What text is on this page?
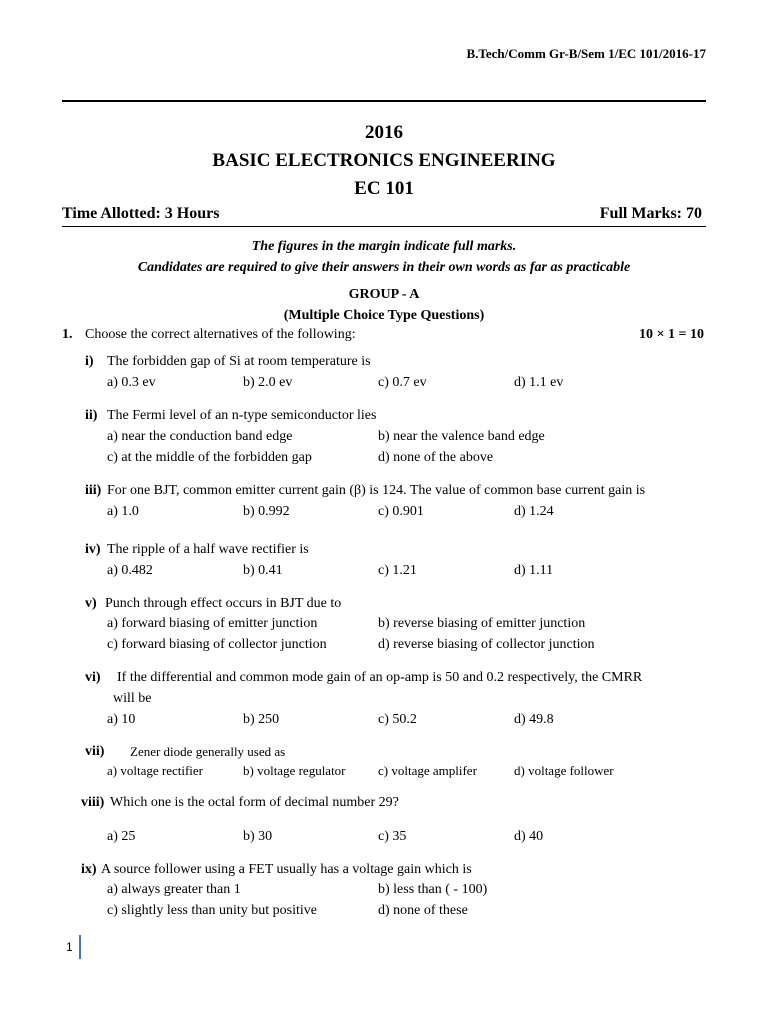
B.Tech/Comm Gr-B/Sem 1/EC 101/2016-17
2016
BASIC ELECTRONICS ENGINEERING
EC 101
Time Allotted: 3 Hours	Full Marks: 70
The figures in the margin indicate full marks.
Candidates are required to give their answers in their own words as far as practicable
GROUP - A
(Multiple Choice Type Questions)
1. Choose the correct alternatives of the following:	10 × 1 = 10
i) The forbidden gap of Si at room temperature is
a) 0.3 ev	b) 2.0 ev	c) 0.7 ev	d) 1.1 ev
ii) The Fermi level of an n-type semiconductor lies
a) near the conduction band edge	b) near the valence band edge
c) at the middle of the forbidden gap	d) none of the above
iii) For one BJT, common emitter current gain (β) is 124. The value of common base current gain is
a) 1.0	b) 0.992	c) 0.901	d) 1.24
iv) The ripple of a half wave rectifier is
a) 0.482	b) 0.41	c) 1.21	d) 1.11
v) Punch through effect occurs in BJT due to
a) forward biasing of emitter junction	b) reverse biasing of emitter junction
c) forward biasing of collector junction	d) reverse biasing of collector junction
vi) If the differential and common mode gain of an op-amp is 50 and 0.2 respectively, the CMRR
will be
a) 10	b) 250	c) 50.2	d) 49.8
vii) Zener diode generally used as
a) voltage rectifier	b) voltage regulator c) voltage amplifer	d) voltage follower
viii) Which one is the octal form of decimal number 29?
a) 25	b) 30	c) 35	d) 40
ix) A source follower using a FET usually has a voltage gain which is
a) always greater than 1	b) less than ( - 100)
c) slightly less than unity but positive	d) none of these
1
